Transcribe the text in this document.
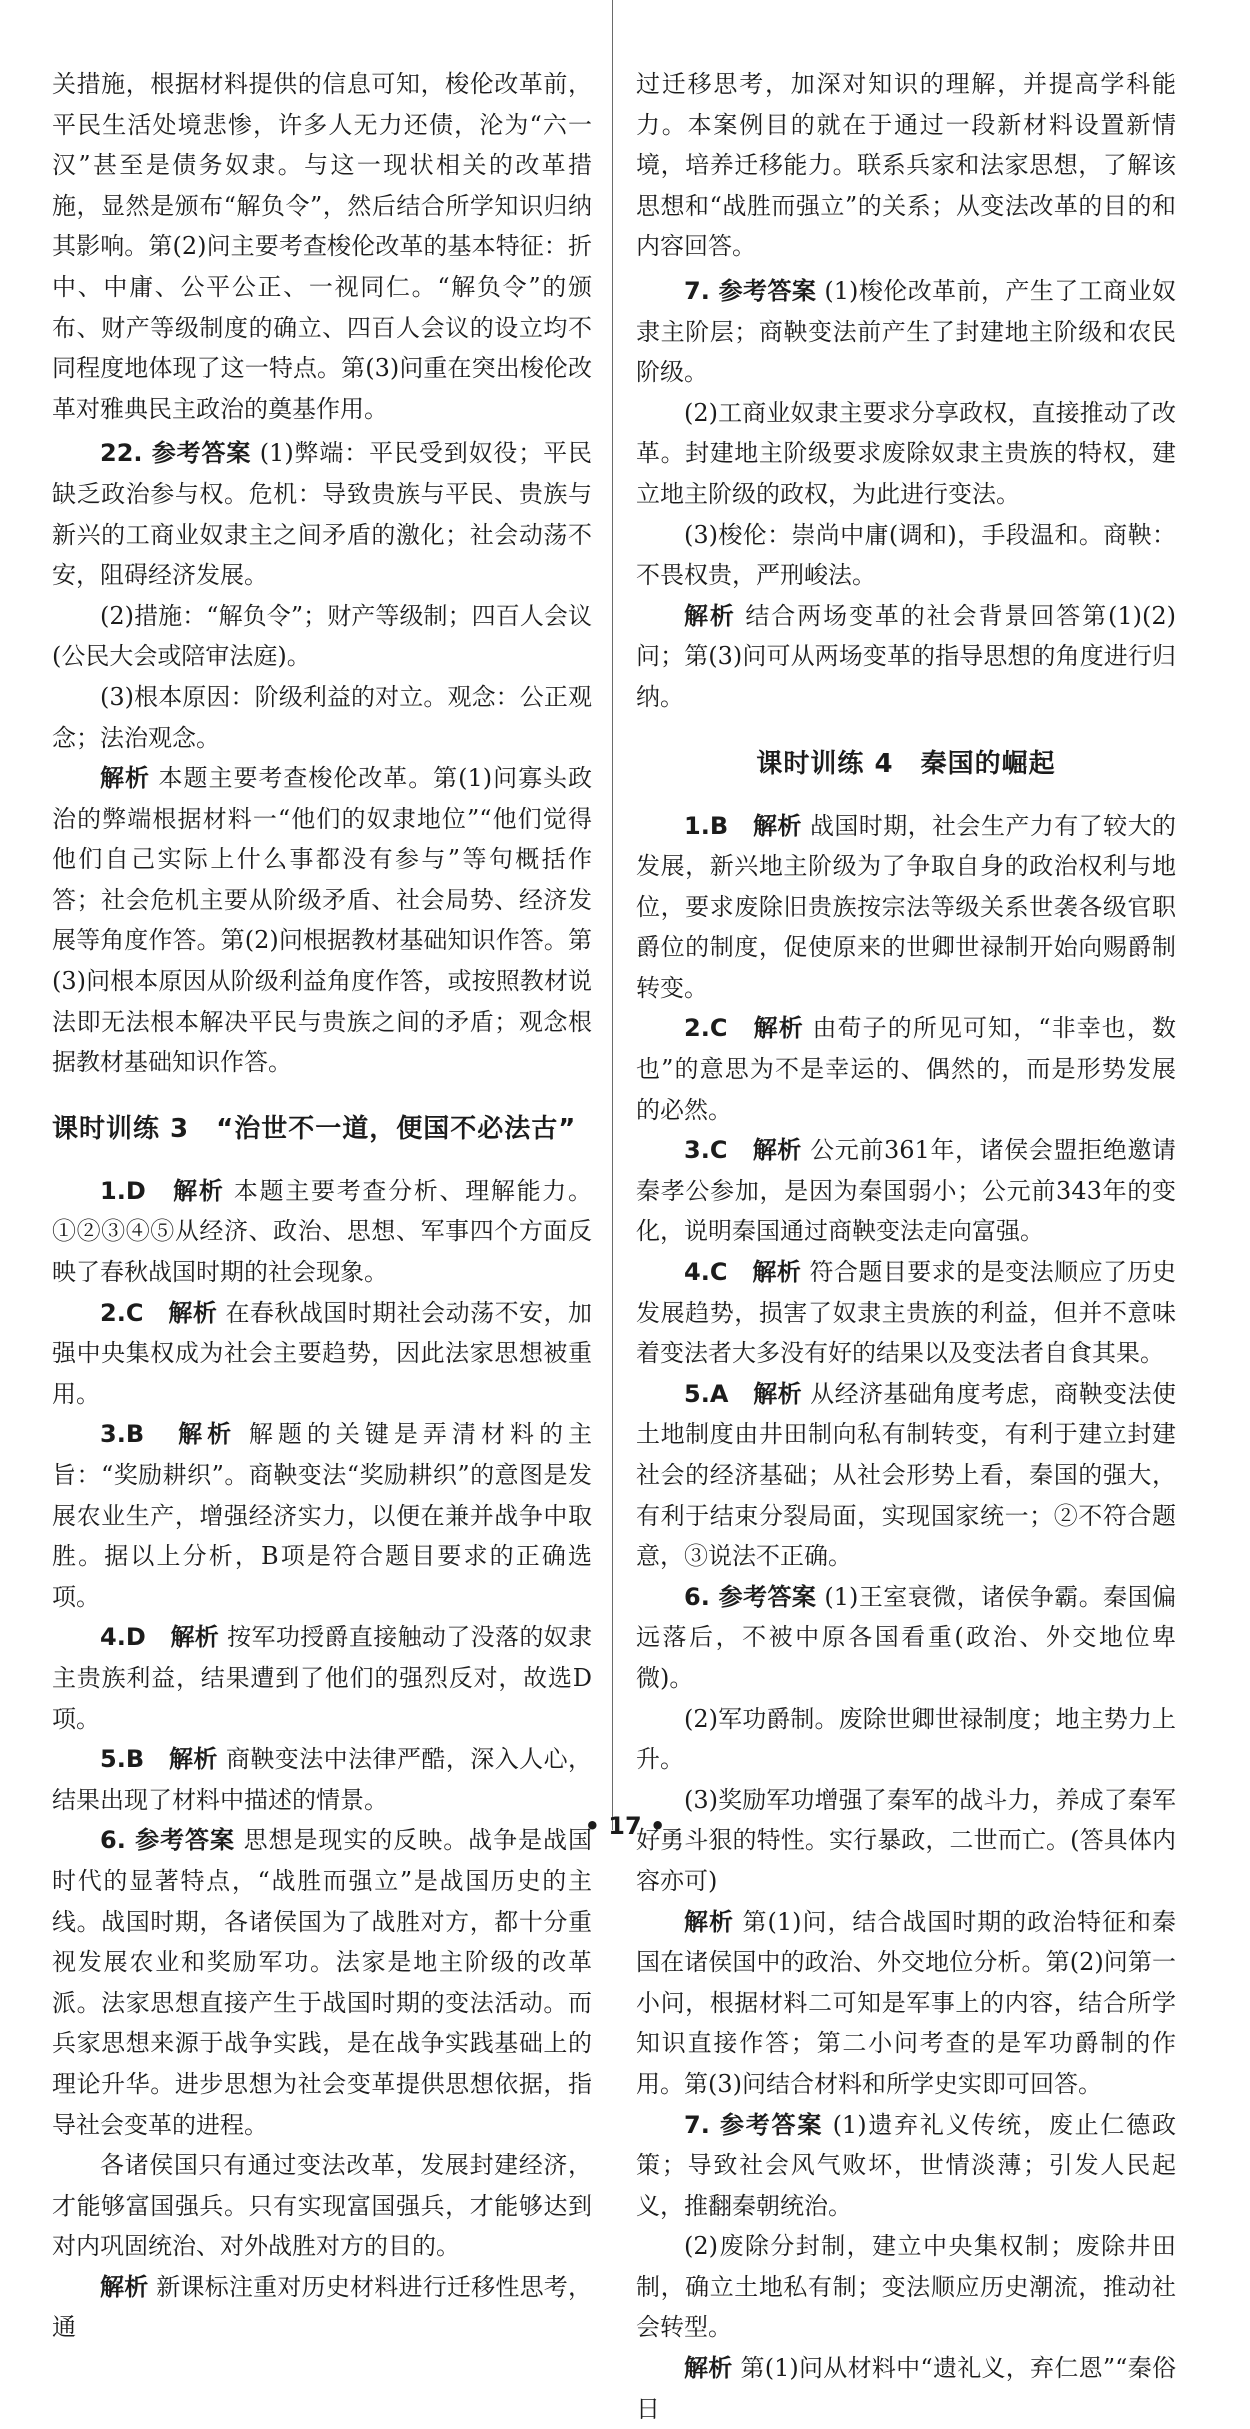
关措施，根据材料提供的信息可知，梭伦改革前，平民生活处境悲惨，许多人无力还债，沦为“六一汉”甚至是债务奴隶。与这一现状相关的改革措施，显然是颁布“解负令”，然后结合所学知识归纳其影响。第(2)问主要考查梭伦改革的基本特征：折中、中庸、公平公正、一视同仁。“解负令”的颁布、财产等级制度的确立、四百人会议的设立均不同程度地体现了这一特点。第(3)问重在突出梭伦改革对雅典民主政治的奠基作用。

22. 参考答案 (1)弊端：平民受到奴役；平民缺乏政治参与权。危机：导致贵族与平民、贵族与新兴的工商业奴隶主之间矛盾的激化；社会动荡不安，阻碍经济发展。

(2)措施：“解负令”；财产等级制；四百人会议(公民大会或陪审法庭)。

(3)根本原因：阶级利益的对立。观念：公正观念；法治观念。

解析 本题主要考查梭伦改革。第(1)问寡头政治的弊端根据材料一“他们的奴隶地位”“他们觉得他们自己实际上什么事都没有参与”等句概括作答；社会危机主要从阶级矛盾、社会局势、经济发展等角度作答。第(2)问根据教材基础知识作答。第(3)问根本原因从阶级利益角度作答，或按照教材说法即无法根本解决平民与贵族之间的矛盾；观念根据教材基础知识作答。

课时训练 3　“治世不一道，便国不必法古”

1.D　 解析 本题主要考查分析、理解能力。①②③④⑤从经济、政治、思想、军事四个方面反映了春秋战国时期的社会现象。

2.C　 解析 在春秋战国时期社会动荡不安，加强中央集权成为社会主要趋势，因此法家思想被重用。

3.B　 解析 解题的关键是弄清材料的主旨：“奖励耕织”。商鞅变法“奖励耕织”的意图是发展农业生产，增强经济实力，以便在兼并战争中取胜。据以上分析，B项是符合题目要求的正确选项。

4.D　 解析 按军功授爵直接触动了没落的奴隶主贵族利益，结果遭到了他们的强烈反对，故选D项。

5.B　 解析 商鞅变法中法律严酷，深入人心，结果出现了材料中描述的情景。

6. 参考答案 思想是现实的反映。战争是战国时代的显著特点，“战胜而强立”是战国历史的主线。战国时期，各诸侯国为了战胜对方，都十分重视发展农业和奖励军功。法家是地主阶级的改革派。法家思想直接产生于战国时期的变法活动。而兵家思想来源于战争实践，是在战争实践基础上的理论升华。进步思想为社会变革提供思想依据，指导社会变革的进程。

各诸侯国只有通过变法改革，发展封建经济，才能够富国强兵。只有实现富国强兵，才能够达到对内巩固统治、对外战胜对方的目的。

解析 新课标注重对历史材料进行迁移性思考，通

过迁移思考，加深对知识的理解，并提高学科能力。本案例目的就在于通过一段新材料设置新情境，培养迁移能力。联系兵家和法家思想，了解该思想和“战胜而强立”的关系；从变法改革的目的和内容回答。

7. 参考答案 (1)梭伦改革前，产生了工商业奴隶主阶层；商鞅变法前产生了封建地主阶级和农民阶级。

(2)工商业奴隶主要求分享政权，直接推动了改革。封建地主阶级要求废除奴隶主贵族的特权，建立地主阶级的政权，为此进行变法。

(3)梭伦：崇尚中庸(调和)，手段温和。商鞅：不畏权贵，严刑峻法。

解析 结合两场变革的社会背景回答第(1)(2)问；第(3)问可从两场变革的指导思想的角度进行归纳。

课时训练 4　秦国的崛起

1.B　 解析 战国时期，社会生产力有了较大的发展，新兴地主阶级为了争取自身的政治权利与地位，要求废除旧贵族按宗法等级关系世袭各级官职爵位的制度，促使原来的世卿世禄制开始向赐爵制转变。

2.C　 解析 由荀子的所见可知，“非幸也，数也”的意思为不是幸运的、偶然的，而是形势发展的必然。

3.C　 解析 公元前361年，诸侯会盟拒绝邀请秦孝公参加，是因为秦国弱小；公元前343年的变化，说明秦国通过商鞅变法走向富强。

4.C　 解析 符合题目要求的是变法顺应了历史发展趋势，损害了奴隶主贵族的利益，但并不意味着变法者大多没有好的结果以及变法者自食其果。

5.A　 解析 从经济基础角度考虑，商鞅变法使土地制度由井田制向私有制转变，有利于建立封建社会的经济基础；从社会形势上看，秦国的强大，有利于结束分裂局面，实现国家统一；②不符合题意，③说法不正确。

6. 参考答案 (1)王室衰微，诸侯争霸。秦国偏远落后，不被中原各国看重(政治、外交地位卑微)。

(2)军功爵制。废除世卿世禄制度；地主势力上升。

(3)奖励军功增强了秦军的战斗力，养成了秦军好勇斗狠的特性。实行暴政，二世而亡。(答具体内容亦可)

解析 第(1)问，结合战国时期的政治特征和秦国在诸侯国中的政治、外交地位分析。第(2)问第一小问，根据材料二可知是军事上的内容，结合所学知识直接作答；第二小问考查的是军功爵制的作用。第(3)问结合材料和所学史实即可回答。

7. 参考答案 (1)遗弃礼义传统，废止仁德政策；导致社会风气败坏，世情淡薄；引发人民起义，推翻秦朝统治。

(2)废除分封制，建立中央集权制；废除井田制，确立土地私有制；变法顺应历史潮流，推动社会转型。

解析 第(1)问从材料中“遗礼义，弃仁恩”“秦俗日

• 17 •
